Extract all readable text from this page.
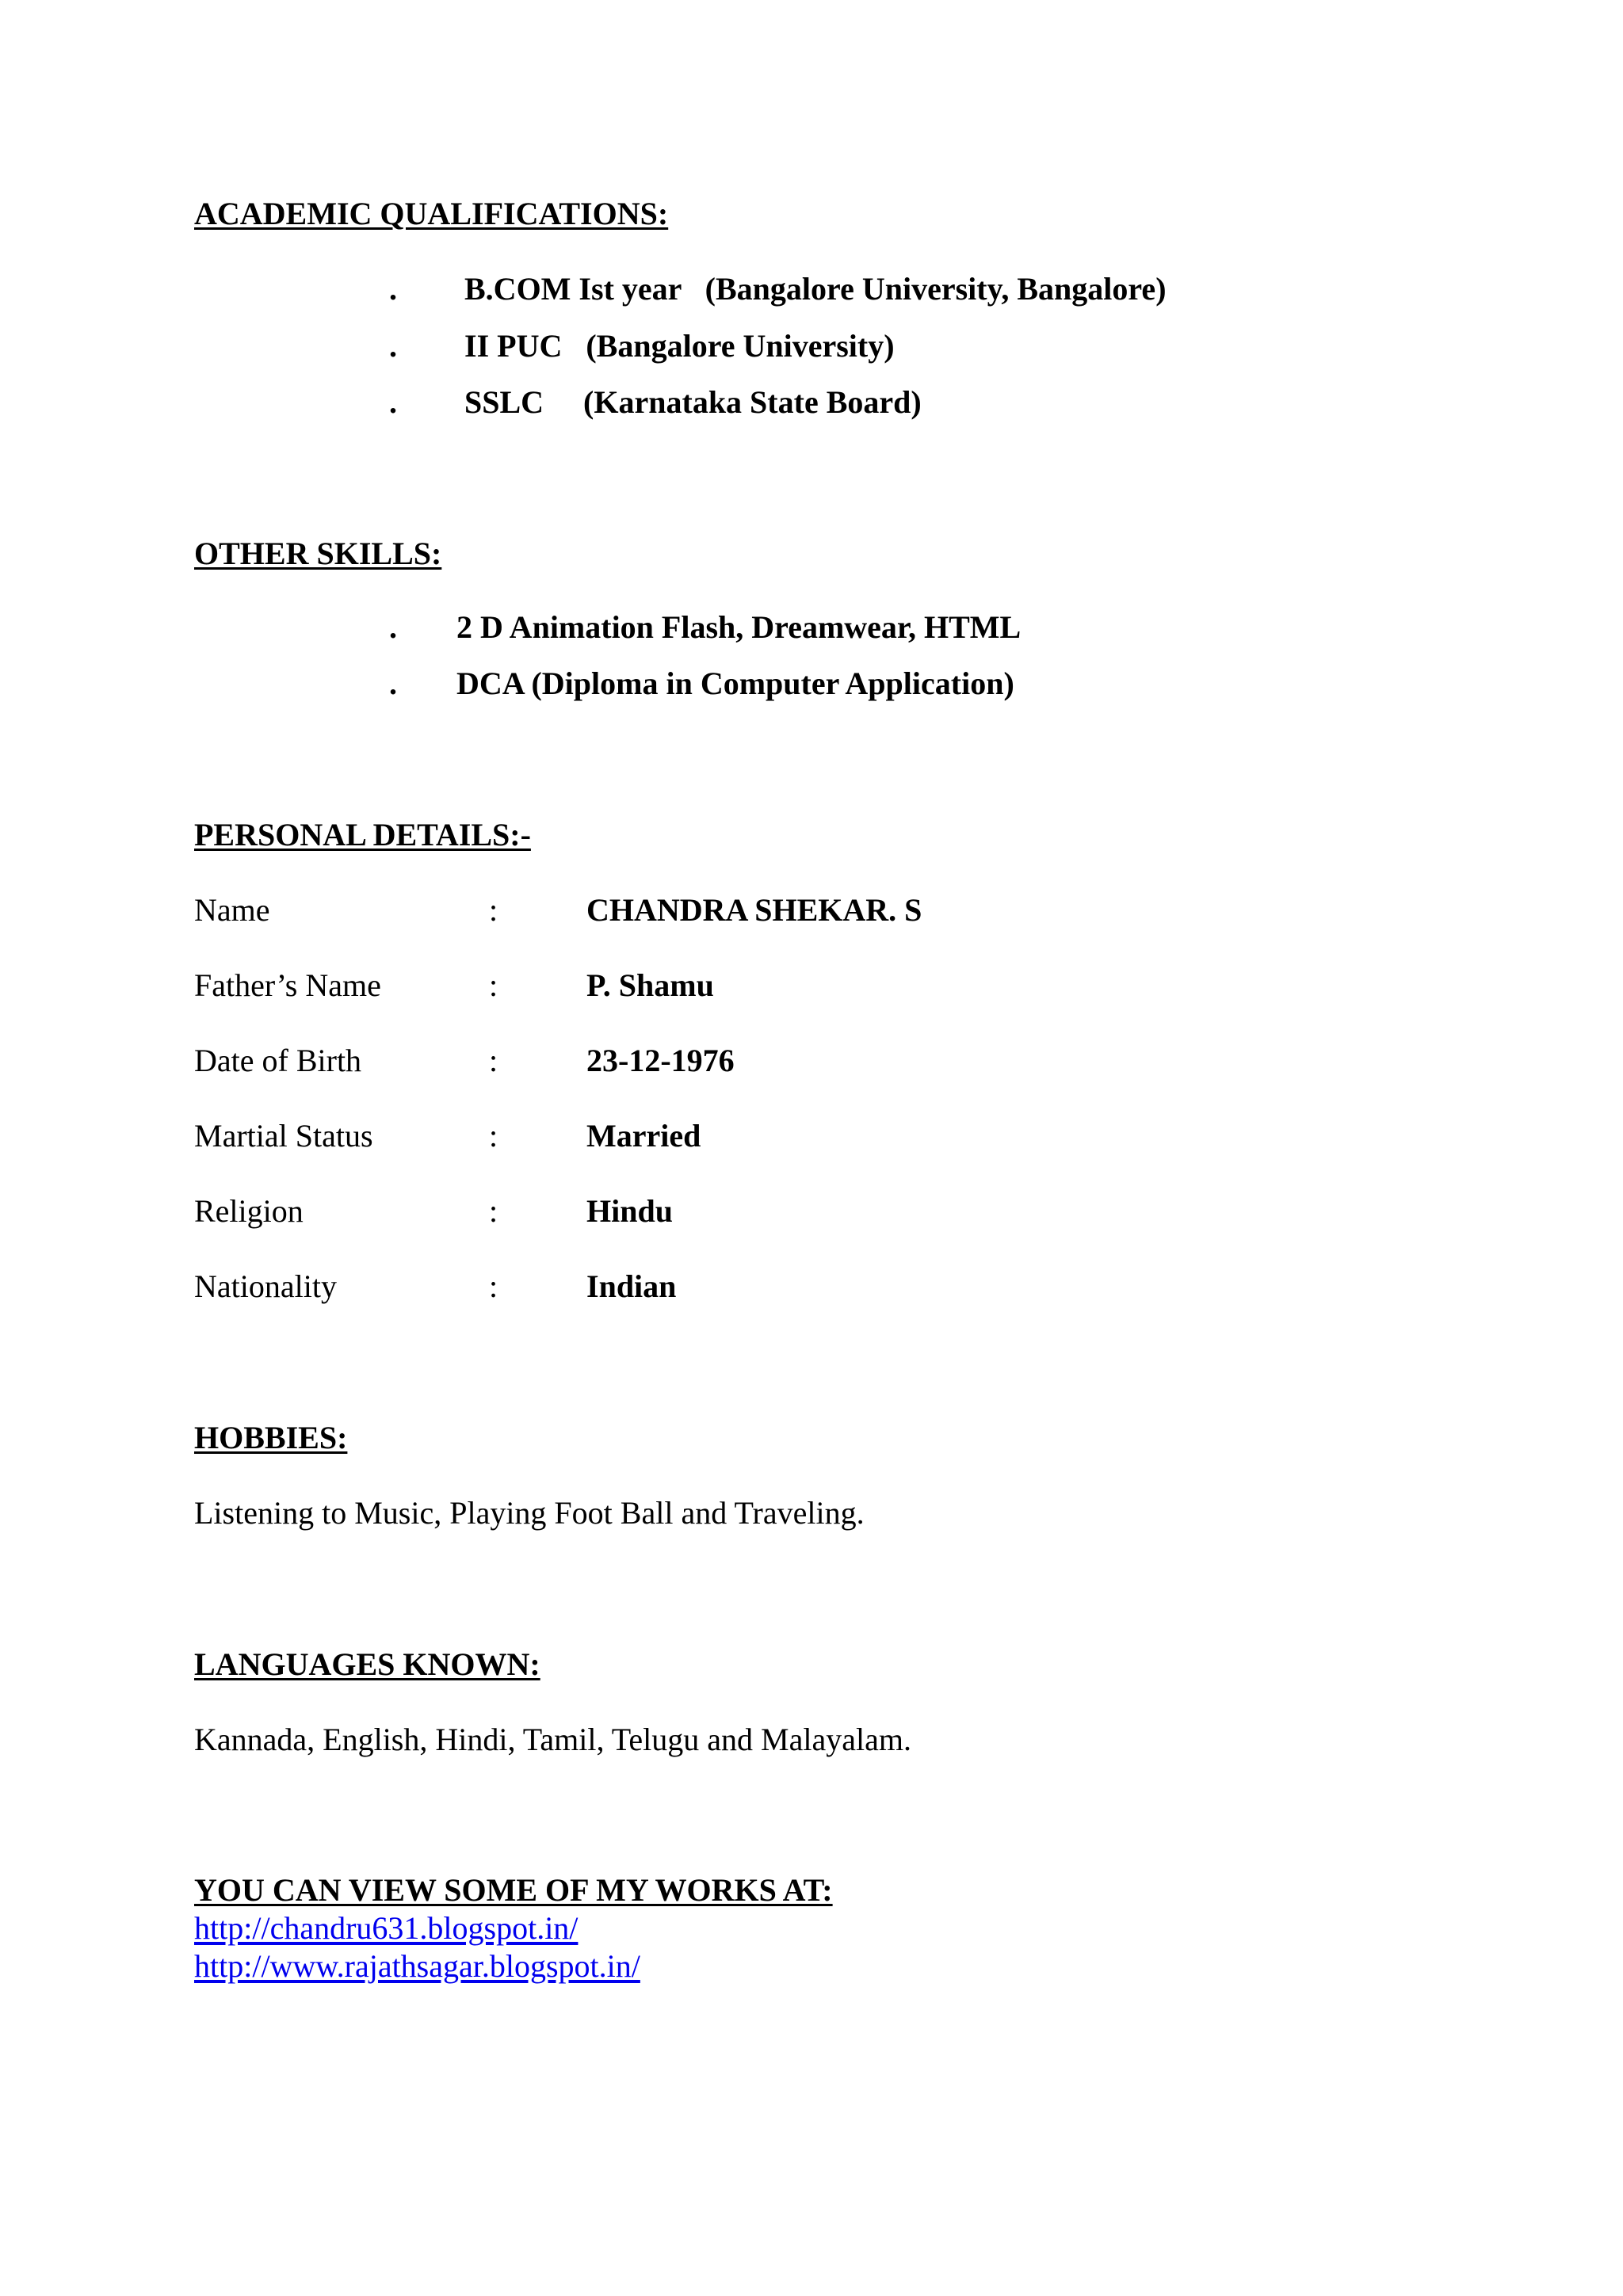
ACADEMIC QUALIFICATIONS:
. B.COM Ist year   (Bangalore University, Bangalore)
. II PUC   (Bangalore University)
. SSLC     (Karnataka State Board)
OTHER SKILLS:
. 2 D Animation Flash, Dreamwear, HTML
. DCA (Diploma in Computer Application)
PERSONAL DETAILS:-
Name	:	CHANDRA SHEKAR. S
Father’s Name	:	P. Shamu
Date of Birth	:	23-12-1976
Martial Status	:	Married
Religion	:	Hindu
Nationality	:	Indian
HOBBIES:
Listening to Music, Playing Foot Ball and Traveling.
LANGUAGES KNOWN:
Kannada, English, Hindi, Tamil, Telugu and Malayalam.
YOU CAN VIEW SOME OF MY WORKS AT:
http://chandru631.blogspot.in/
http://www.rajathsagar.blogspot.in/
